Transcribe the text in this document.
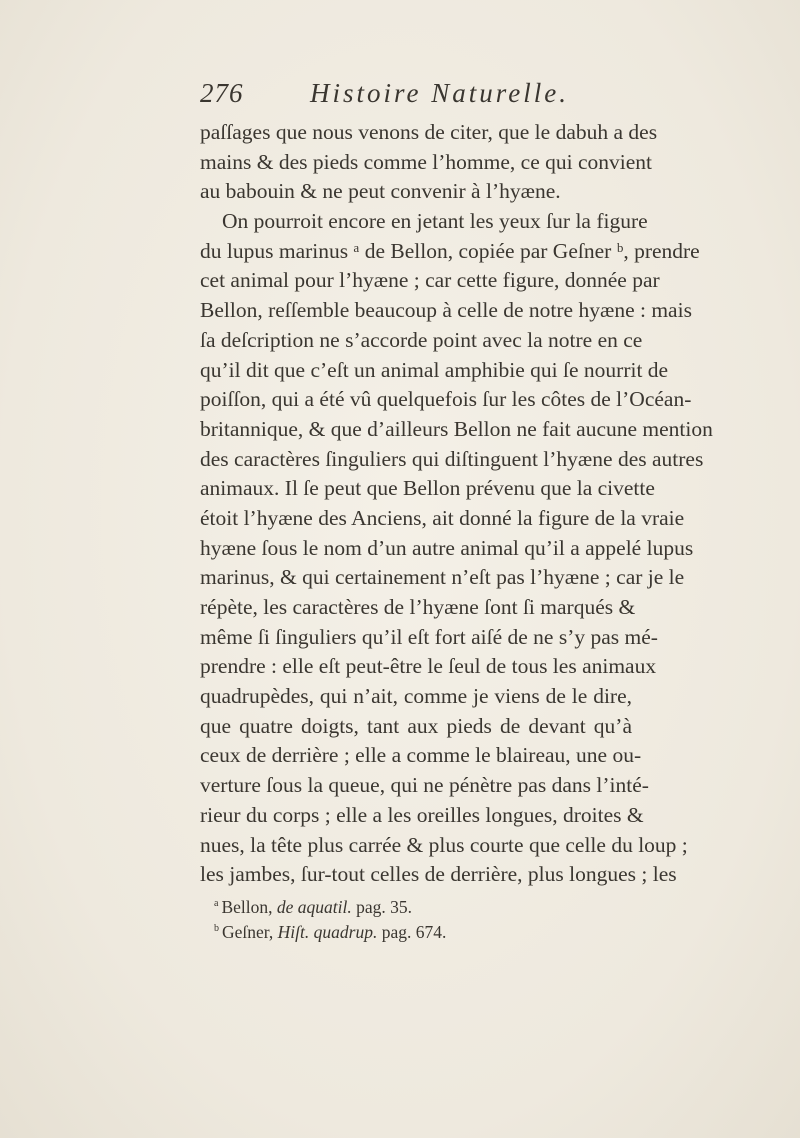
276 Histoire Naturelle.
paſſages que nous venons de citer, que le dabuh a des
mains & des pieds comme l’homme, ce qui convient
au babouin & ne peut convenir à l’hyæne.
On pourroit encore en jetant les yeux ſur la figure
du lupus marinus ᵃ de Bellon, copiée par Geſner ᵇ, prendre
cet animal pour l’hyæne ; car cette figure, donnée par
Bellon, reſſemble beaucoup à celle de notre hyæne : mais
ſa deſcription ne s’accorde point avec la notre en ce
qu’il dit que c’eſt un animal amphibie qui ſe nourrit de
poiſſon, qui a été vû quelquefois ſur les côtes de l’Océan-
britannique, & que d’ailleurs Bellon ne fait aucune mention
des caractères ſinguliers qui diſtinguent l’hyæne des autres
animaux. Il ſe peut que Bellon prévenu que la civette
étoit l’hyæne des Anciens, ait donné la figure de la vraie
hyæne ſous le nom d’un autre animal qu’il a appelé lupus
marinus, & qui certainement n’eſt pas l’hyæne ; car je le
répète, les caractères de l’hyæne ſont ſi marqués &
même ſi ſinguliers qu’il eſt fort aiſé de ne s’y pas mé-
prendre : elle eſt peut-être le ſeul de tous les animaux
quadrupèdes, qui n’ait, comme je viens de le dire,
que quatre doigts, tant aux pieds de devant qu’à
ceux de derrière ; elle a comme le blaireau, une ou-
verture ſous la queue, qui ne pénètre pas dans l’inté-
rieur du corps ; elle a les oreilles longues, droites &
nues, la tête plus carrée & plus courte que celle du loup ;
les jambes, ſur-tout celles de derrière, plus longues ; les
$^a$ Bellon, de aquatil. pag. 35.
$^b$ Geſner, Hiſt. quadrup. pag. 674.
